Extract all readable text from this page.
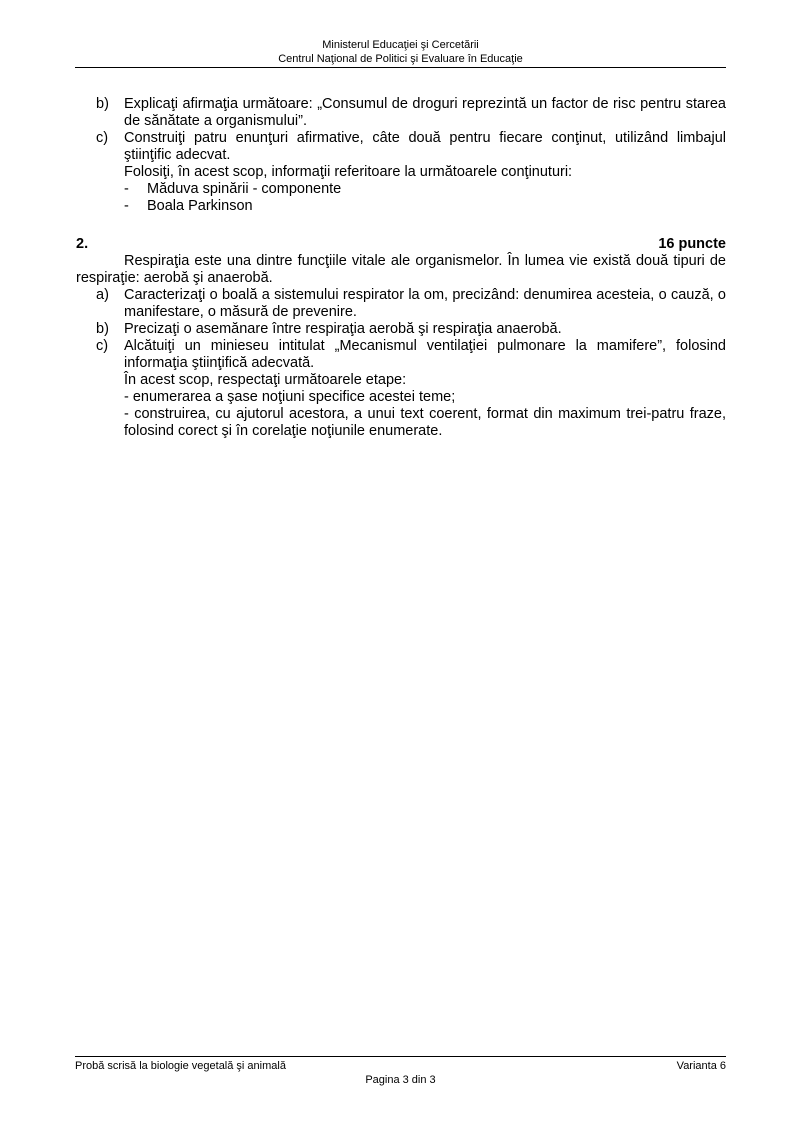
Ministerul Educaţiei şi Cercetării
Centrul Naţional de Politici şi Evaluare în Educaţie
b)	Explicaţi afirmaţia următoare: „Consumul de droguri reprezintă un factor de risc pentru starea de sănătate a organismului”.
c)	Construiţi patru enunţuri afirmative, câte două pentru fiecare conţinut, utilizând limbajul ştiinţific adecvat.
Folosiţi, în acest scop, informaţii referitoare la următoarele conţinuturi:
-	Măduva spinării - componente
-	Boala Parkinson
2.	16 puncte
Respiraţia este una dintre funcţiile vitale ale organismelor. În lumea vie există două tipuri de respiraţie: aerobă şi anaerobă.
a)	Caracterizaţi o boală a sistemului respirator la om, precizând: denumirea acesteia, o cauză, o manifestare, o măsură de prevenire.
b)	Precizaţi o asemănare între respiraţia aerobă şi respiraţia anaerobă.
c)	Alcătuiţi un minieseu intitulat „Mecanismul ventilaţiei pulmonare la mamifere”, folosind informaţia ştiinţifică adecvată.
În acest scop, respectaţi următoarele etape:
- enumerarea a şase noţiuni specifice acestei teme;
- construirea, cu ajutorul acestora, a unui text coerent, format din maximum trei-patru fraze, folosind corect şi în corelaţie noţiunile enumerate.
Probă scrisă la biologie vegetală şi animală	Varianta 6
Pagina 3 din 3
